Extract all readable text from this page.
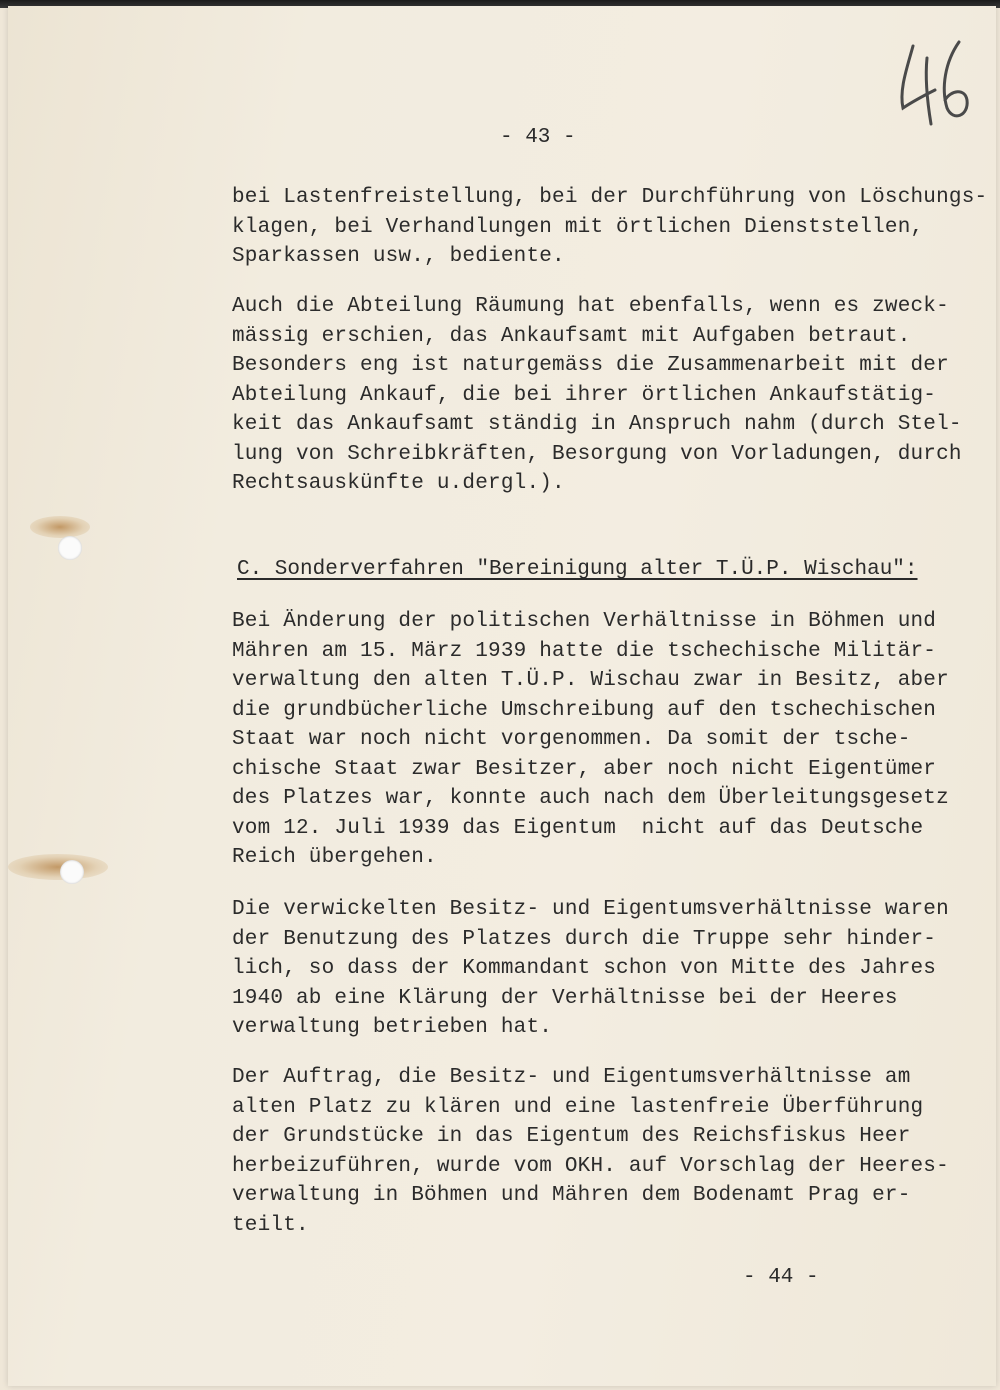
- 43 -

bei Lastenfreistellung, bei der Durchführung von Löschungs-
klagen, bei Verhandlungen mit örtlichen Dienststellen,
Sparkassen usw., bediente.

Auch die Abteilung Räumung hat ebenfalls, wenn es zweck-
mässig erschien, das Ankaufsamt mit Aufgaben betraut.
Besonders eng ist naturgemäss die Zusammenarbeit mit der
Abteilung Ankauf, die bei ihrer örtlichen Ankaufstätig-
keit das Ankaufsamt ständig in Anspruch nahm (durch Stel-
lung von Schreibkräften, Besorgung von Vorladungen, durch
Rechtsauskünfte u.dergl.).

C. Sonderverfahren "Bereinigung alter T.Ü.P. Wischau":

Bei Änderung der politischen Verhältnisse in Böhmen und
Mähren am 15. März 1939 hatte die tschechische Militär-
verwaltung den alten T.Ü.P. Wischau zwar in Besitz, aber
die grundbücherliche Umschreibung auf den tschechischen
Staat war noch nicht vorgenommen. Da somit der tsche-
chische Staat zwar Besitzer, aber noch nicht Eigentümer
des Platzes war, konnte auch nach dem Überleitungsgesetz
vom 12. Juli 1939 das Eigentum  nicht auf das Deutsche
Reich übergehen.

Die verwickelten Besitz- und Eigentumsverhältnisse waren
der Benutzung des Platzes durch die Truppe sehr hinder-
lich, so dass der Kommandant schon von Mitte des Jahres
1940 ab eine Klärung der Verhältnisse bei der Heeres
verwaltung betrieben hat.

Der Auftrag, die Besitz- und Eigentumsverhältnisse am
alten Platz zu klären und eine lastenfreie Überführung
der Grundstücke in das Eigentum des Reichsfiskus Heer
herbeizuführen, wurde vom OKH. auf Vorschlag der Heeres-
verwaltung in Böhmen und Mähren dem Bodenamt Prag er-
teilt.

- 44 -
